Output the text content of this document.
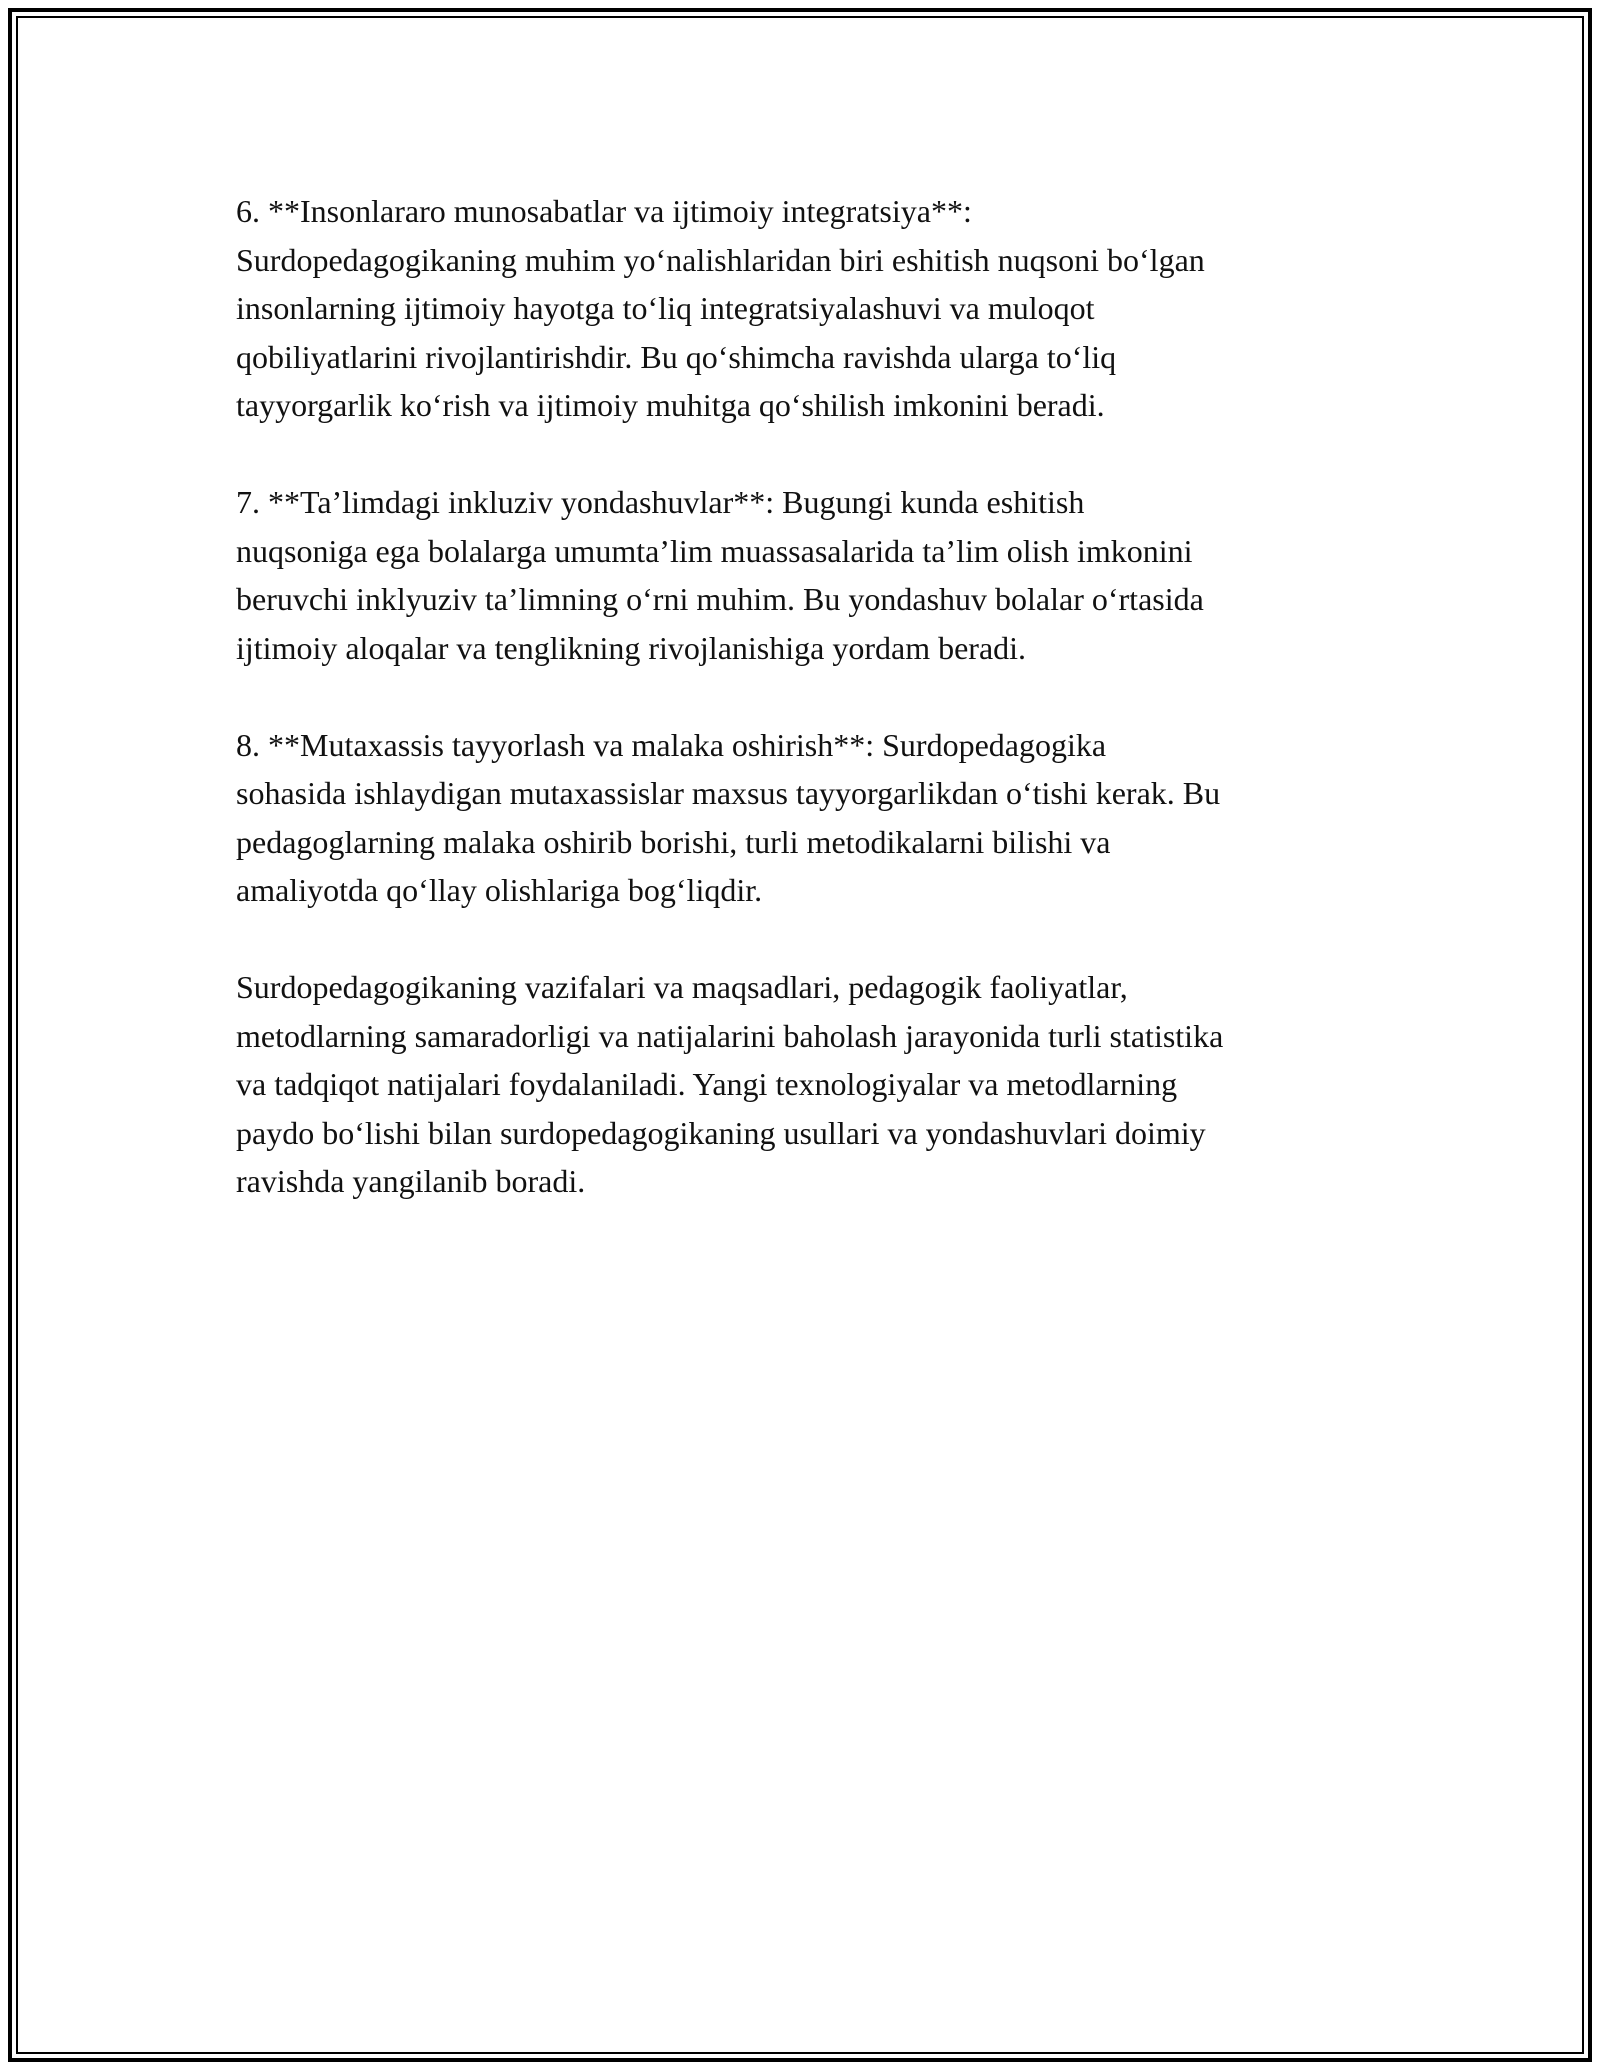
6. **Insonlararo munosabatlar va ijtimoiy integratsiya**:
Surdopedagogikaning muhim yo‘nalishlaridan biri eshitish nuqsoni bo‘lgan
insonlarning ijtimoiy hayotga to‘liq integratsiyalashuvi va muloqot
qobiliyatlarini rivojlantirishdir. Bu qo‘shimcha ravishda ularga to‘liq
tayyorgarlik ko‘rish va ijtimoiy muhitga qo‘shilish imkonini beradi.

7. **Ta’limdagi inkluziv yondashuvlar**: Bugungi kunda eshitish
nuqsoniga ega bolalarga umumta’lim muassasalarida ta’lim olish imkonini
beruvchi inklyuziv ta’limning o‘rni muhim. Bu yondashuv bolalar o‘rtasida
ijtimoiy aloqalar va tenglikning rivojlanishiga yordam beradi.

8. **Mutaxassis tayyorlash va malaka oshirish**: Surdopedagogika
sohasida ishlaydigan mutaxassislar maxsus tayyorgarlikdan o‘tishi kerak. Bu
pedagoglarning malaka oshirib borishi, turli metodikalarni bilishi va
amaliyotda qo‘llay olishlariga bog‘liqdir.

Surdopedagogikaning vazifalari va maqsadlari, pedagogik faoliyatlar,
metodlarning samaradorligi va natijalarini baholash jarayonida turli statistika
va tadqiqot natijalari foydalaniladi. Yangi texnologiyalar va metodlarning
paydo bo‘lishi bilan surdopedagogikaning usullari va yondashuvlari doimiy
ravishda yangilanib boradi.
